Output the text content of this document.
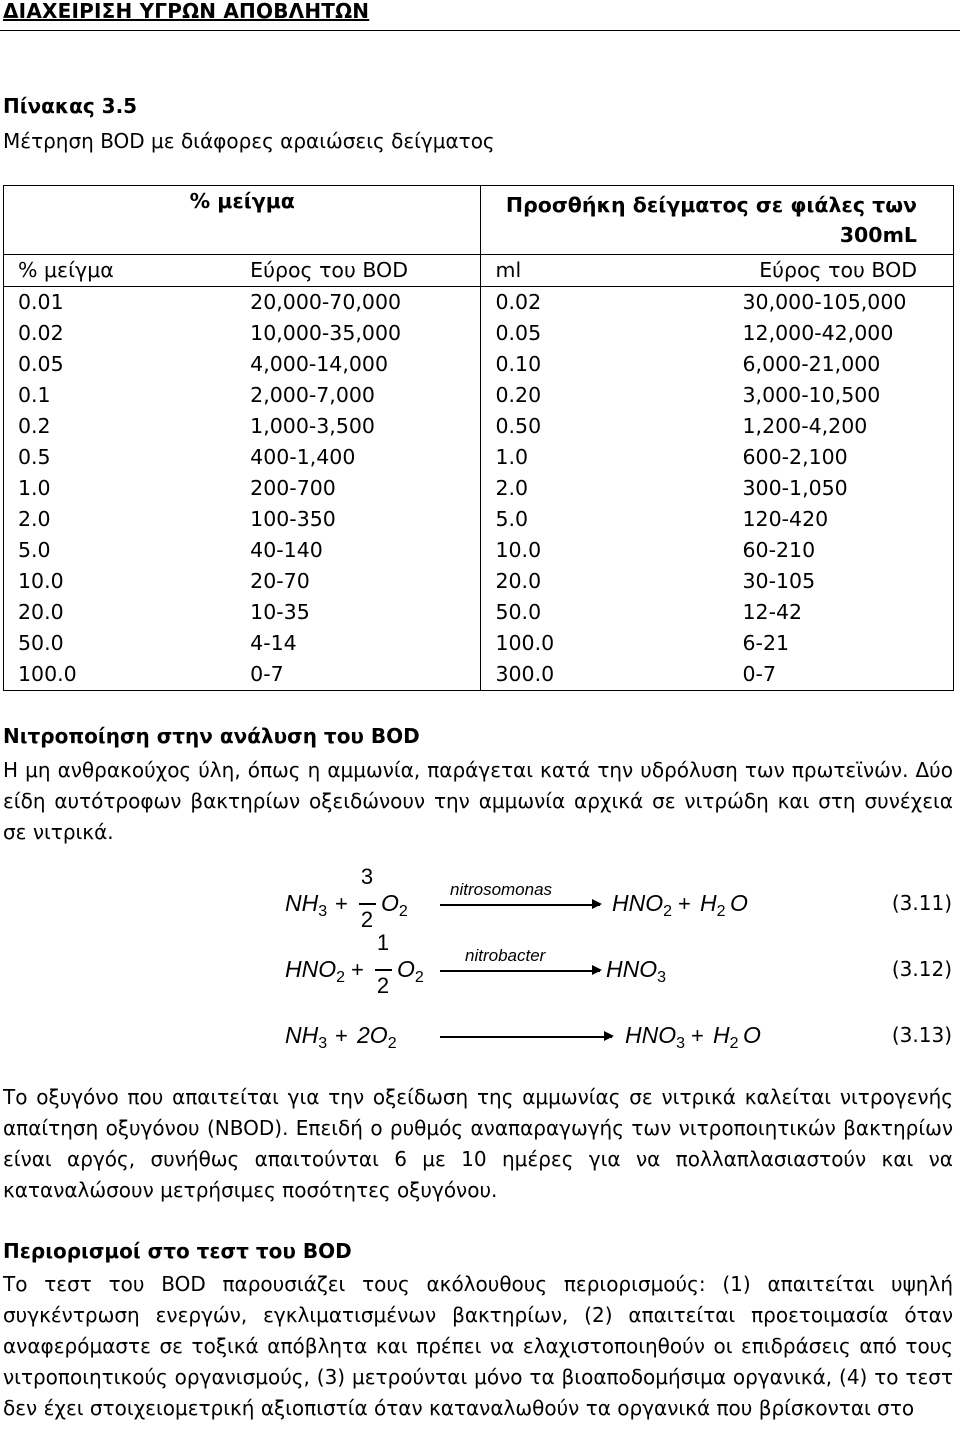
ΔΙΑΧΕΙΡΙΣΗ ΥΓΡΩΝ ΑΠΟΒΛΗΤΩΝ
Πίνακας 3.5
Μέτρηση BOD με διάφορες αραιώσεις δείγματος
% μείγμα		Προσθήκη δείγματος σε φιάλες των 300mL	
% μείγμα	Εύρος του BOD	ml	Εύρος του BOD
0.01	20,000-70,000	0.02	30,000-105,000
0.02	10,000-35,000	0.05	12,000-42,000
0.05	4,000-14,000	0.10	6,000-21,000
0.1	2,000-7,000	0.20	3,000-10,500
0.2	1,000-3,500	0.50	1,200-4,200
0.5	400-1,400	1.0	600-2,100
1.0	200-700	2.0	300-1,050
2.0	100-350	5.0	120-420
5.0	40-140	10.0	60-210
10.0	20-70	20.0	30-105
20.0	10-35	50.0	12-42
50.0	4-14	100.0	6-21
100.0	0-7	300.0	0-7
Νιτροποίηση στην ανάλυση του BOD
Η μη ανθρακούχος ύλη, όπως η αμμωνία, παράγεται κατά την υδρόλυση των πρωτεϊνών. Δύο είδη αυτότροφων βακτηρίων οξειδώνουν την αμμωνία αρχικά σε νιτρώδη και στη συνέχεια σε νιτρικά.
$NH_3$ +
3
2
$O_2$
nitrosomonas
$HNO_2 + H_2$ O	(3.11)
$HNO_2$ +
1
2
$O_2$
nitrobacter
$HNO_3$	(3.12)
$NH_3 + 2O_2$	$HNO_3 + H_2$ O	(3.13)
Το οξυγόνο που απαιτείται για την οξείδωση της αμμωνίας σε νιτρικά καλείται νιτρογενής απαίτηση οξυγόνου (NBOD). Επειδή ο ρυθμός αναπαραγωγής των νιτροποιητικών βακτηρίων είναι αργός, συνήθως απαιτούνται 6 με 10 ημέρες για να πολλαπλασιαστούν και να καταναλώσουν μετρήσιμες ποσότητες οξυγόνου.
Περιορισμοί στο τεστ του BOD
Το τεστ του BOD παρουσιάζει τους ακόλουθους περιορισμούς: (1) απαιτείται υψηλή συγκέντρωση ενεργών, εγκλιματισμένων βακτηρίων, (2) απαιτείται προετοιμασία όταν αναφερόμαστε σε τοξικά απόβλητα και πρέπει να ελαχιστοποιηθούν οι επιδράσεις από τους νιτροποιητικούς οργανισμούς, (3) μετρούνται μόνο τα βιοαποδομήσιμα οργανικά, (4) το τεστ δεν έχει στοιχειομετρική αξιοπιστία όταν καταναλωθούν τα οργανικά που βρίσκονται στο
